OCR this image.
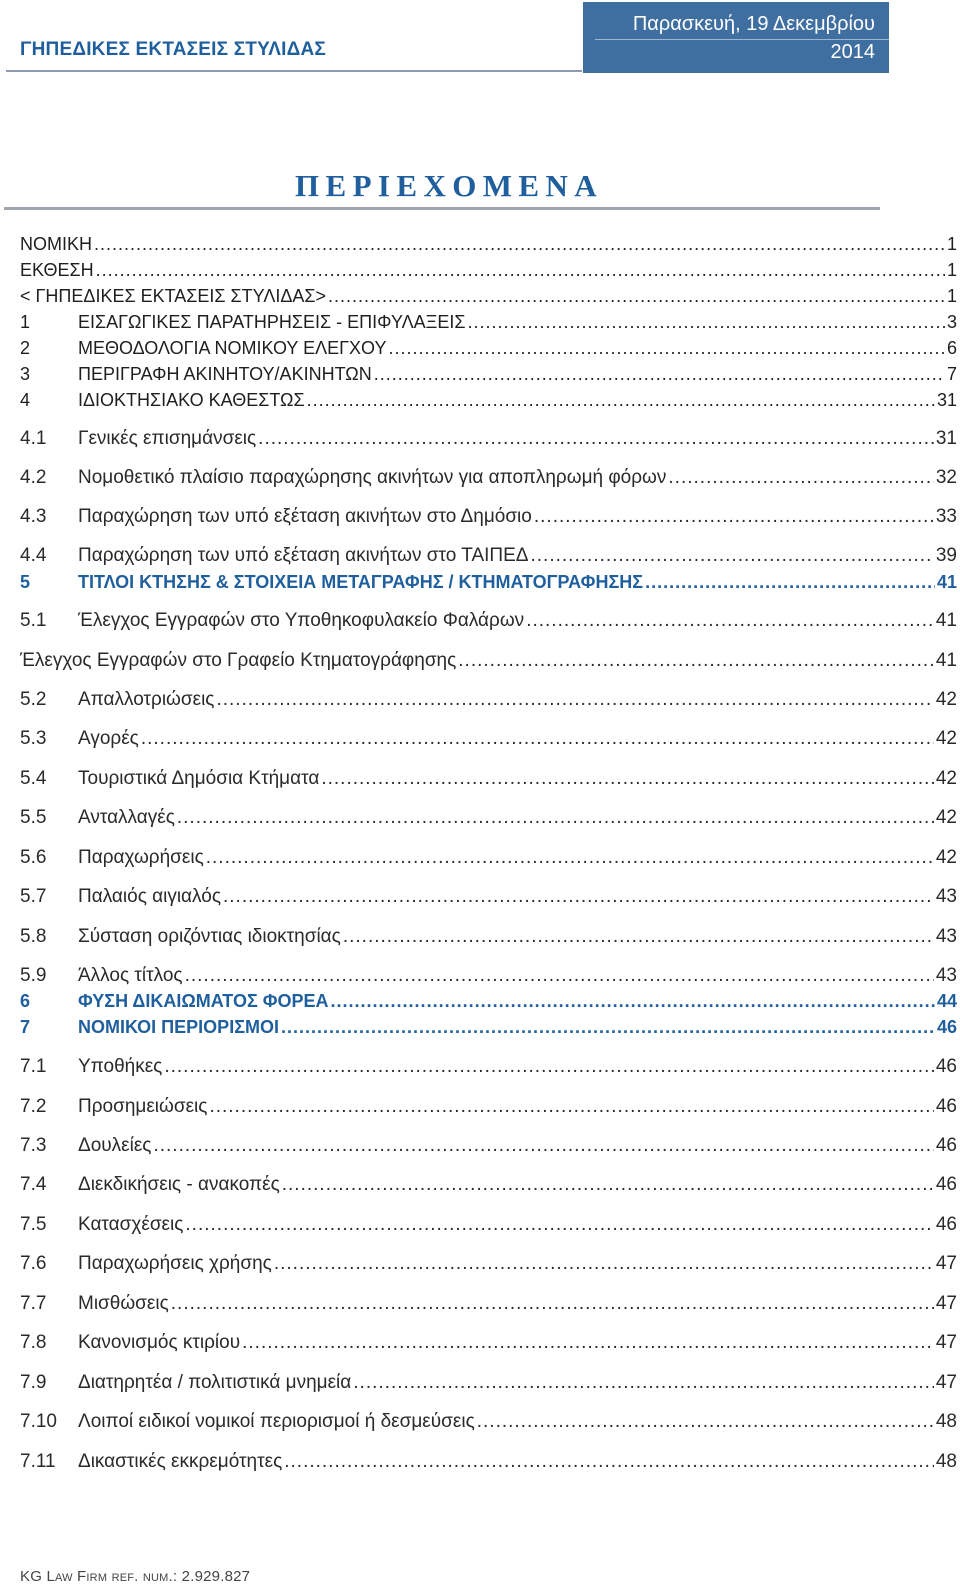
ΓΗΠΕΔΙΚΕΣ ΕΚΤΑΣΕΙΣ ΣΤΥΛΙΔΑΣ
Παρασκευή, 19 Δεκεμβρίου
2014
ΠΕΡΙΕΧΟΜΕΝΑ
ΝΟΜΙΚΗ .....	1
ΕΚΘΕΣΗ .....	1
< ΓΗΠΕΔΙΚΕΣ ΕΚΤΑΣΕΙΣ ΣΤΥΛΙΔΑΣ> .....	1
1	ΕΙΣΑΓΩΓΙΚΕΣ ΠΑΡΑΤΗΡΗΣΕΙΣ - ΕΠΙΦΥΛΑΞΕΙΣ .....	3
2	ΜΕΘΟΔΟΛΟΓΙΑ ΝΟΜΙΚΟΥ ΕΛΕΓΧΟΥ .....	6
3	ΠΕΡΙΓΡΑΦΗ ΑΚΙΝΗΤΟΥ/ΑΚΙΝΗΤΩΝ .....	7
4	ΙΔΙΟΚΤΗΣΙΑΚΟ ΚΑΘΕΣΤΩΣ .....	31
4.1	Γενικές επισημάνσεις .....	31
4.2	Νομοθετικό πλαίσιο παραχώρησης ακινήτων για αποπληρωμή φόρων .....	32
4.3	Παραχώρηση των υπό εξέταση ακινήτων στο Δημόσιο .....	33
4.4	Παραχώρηση των υπό εξέταση ακινήτων στο ΤΑΙΠΕΔ .....	39
5	ΤΙΤΛΟΙ ΚΤΗΣΗΣ & ΣΤΟΙΧΕΙΑ ΜΕΤΑΓΡΑΦΗΣ / ΚΤΗΜΑΤΟΓΡΑΦΗΣΗΣ .....	41
5.1	Έλεγχος Εγγραφών στο Υποθηκοφυλακείο Φαλάρων .....	41
Έλεγχος Εγγραφών στο Γραφείο Κτηματογράφησης .....	41
5.2	Απαλλοτριώσεις .....	42
5.3	Αγορές .....	42
5.4	Τουριστικά Δημόσια Κτήματα .....	42
5.5	Ανταλλαγές .....	42
5.6	Παραχωρήσεις .....	42
5.7	Παλαιός αιγιαλός .....	43
5.8	Σύσταση οριζόντιας ιδιοκτησίας .....	43
5.9	Άλλος τίτλος .....	43
6	ΦΥΣΗ ΔΙΚΑΙΩΜΑΤΟΣ ΦΟΡΕΑ .....	44
7	ΝΟΜΙΚΟΙ ΠΕΡΙΟΡΙΣΜΟΙ .....	46
7.1	Υποθήκες .....	46
7.2	Προσημειώσεις .....	46
7.3	Δουλείες .....	46
7.4	Διεκδικήσεις - ανακοπές .....	46
7.5	Κατασχέσεις .....	46
7.6	Παραχωρήσεις χρήσης .....	47
7.7	Μισθώσεις .....	47
7.8	Κανονισμός κτιρίου .....	47
7.9	Διατηρητέα / πολιτιστικά μνημεία .....	47
7.10	Λοιποί ειδικοί νομικοί περιορισμοί ή δεσμεύσεις .....	48
7.11	Δικαστικές εκκρεμότητες .....	48
KG Law Firm ref. num.: 2.929.827
